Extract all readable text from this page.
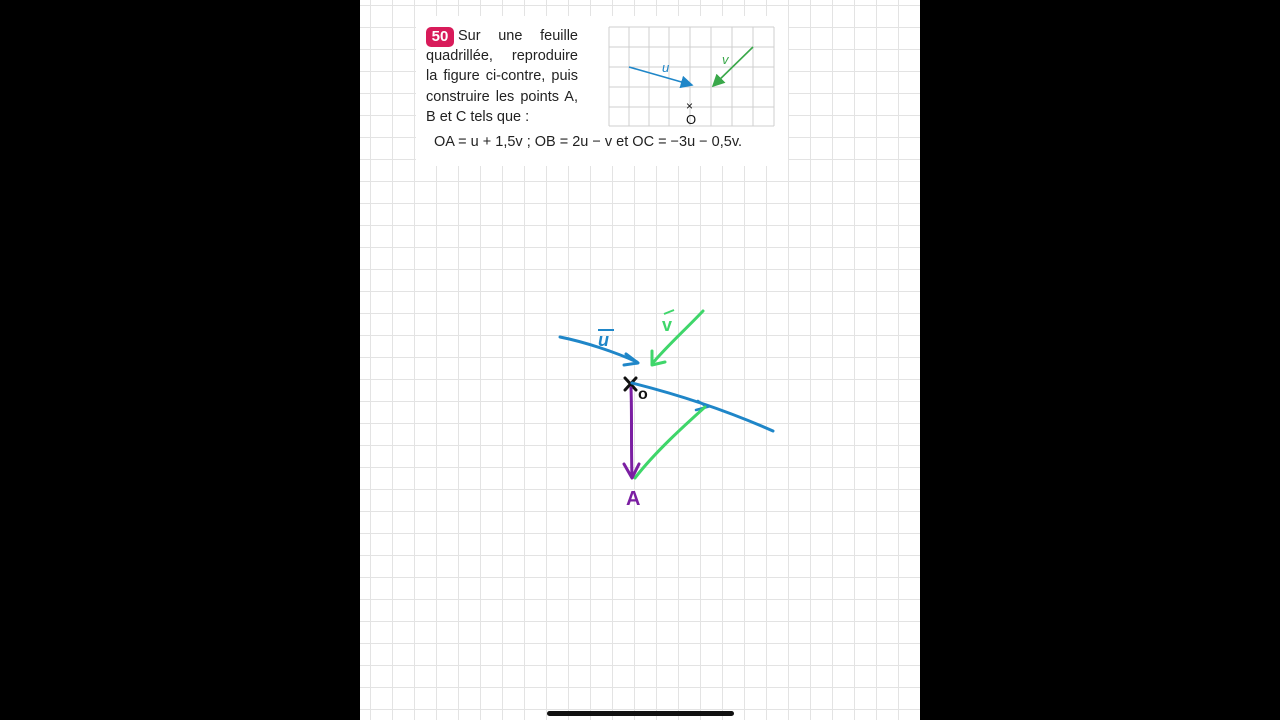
50 Sur une feuille quadrillée, reproduire la figure ci-contre, puis construire les points A, B et C tels que :
u
v
×
O
OA = u + 1,5v ; OB = 2u − v et OC = −3u − 0,5v.
u
v
o
A
